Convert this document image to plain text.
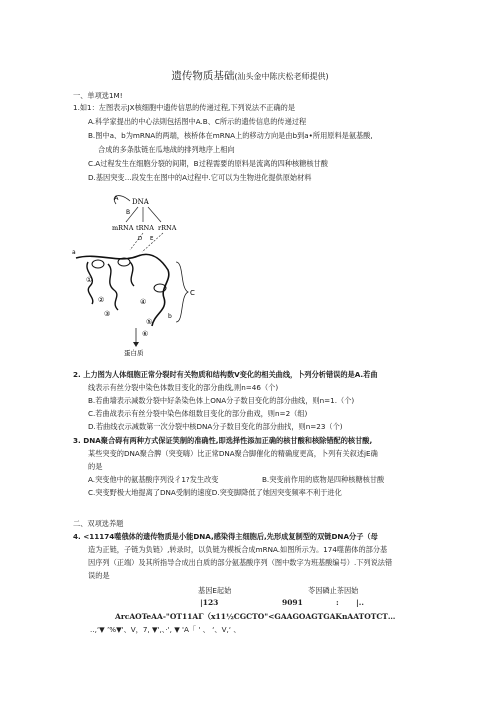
遗传物质基础(汕头金中陈庆松老师提供)
一、单项选1M!
1.如1：左图表示JX核细胞中遗传信思的传递过程,下列说法不正确的是
A.科学家提出的中心法則包括图中A.B、C所示的遗传信息的传递过程
B.图中a、b为mRNA的两端，核桥体在mRNA上的移动方向是由b到a•所用原料是氨基酸,
合成的多条肽链在瓜地战的排列地序上相向
C.A过程发生在细胞分裂的间期，B过程需要的原料是流离的四种核糖核甘酸
D.基因突变…段发生在图中的A过程中.它可以为生物进化提供原始材料
DNA
A
B
mRNA tRNA rRNA
D E
a
①
②
③
④
⑤
⑥
b
C
蛋白质
2. 上力图为人体细胞正常分裂时有关物质和结构数V变化的相关曲线，卜列分析错误的是A.若曲
线表示有丝分裂中染色体数目变化的部分曲线,则n=46（个)
B.若曲墙表示减数分裂中好条染色体上ONA分子数目变化的部分曲线，则n=1.（个)
C.若曲战表示有丝分裂中染色体组数目变化的部分曲戏，则n=2（组)
D.若曲线衣示减数第一次分裂中核DNA分子数目变化的部分曲找，则n=23（个)
3. DNA聚合碍有两种方式保证笑制的准确性,即选择性添加正确的核甘酸和核除错配的核甘酸,
某些突变的DNA聚合脾（突变嗨）比正常DNA聚合脚催化的精确度更高，卜列有关叙述jE确
的是
A.突变他中的氨基酸序列没彳1?发生改变	B.突变前作用的底物是四种核糖核甘酸
C.突变野极大地提离了DNA受制的速度D.突变脚降低了她因突变频率不利于进化
二、双项选养题
4. <11174噬俄体的遗传物质是小能DNA,感染得主细胞后,先形成复制型的双链DNA分子（母
造为正链，子链为负链）,转录时，以负链为模板合成mRNA.如图所示为。174噬菌体的部分基
因序列（正端）及其所指导合成出白质的部分氨基酸序列（图中数字为班基酸编号）.下列说法错
误的是
基因E起始	苓因磷止茶因始
|123	9091	: |..
ArcAOTeAA-"OT11AΓ（x11½CGCTO"<GAAGOAGTGAKnAATOTCT…
..,‘▼ ’%▼'、V，7, ▼',、·', ▼ 'A「 ' 、 ‘、V,‘ 、
